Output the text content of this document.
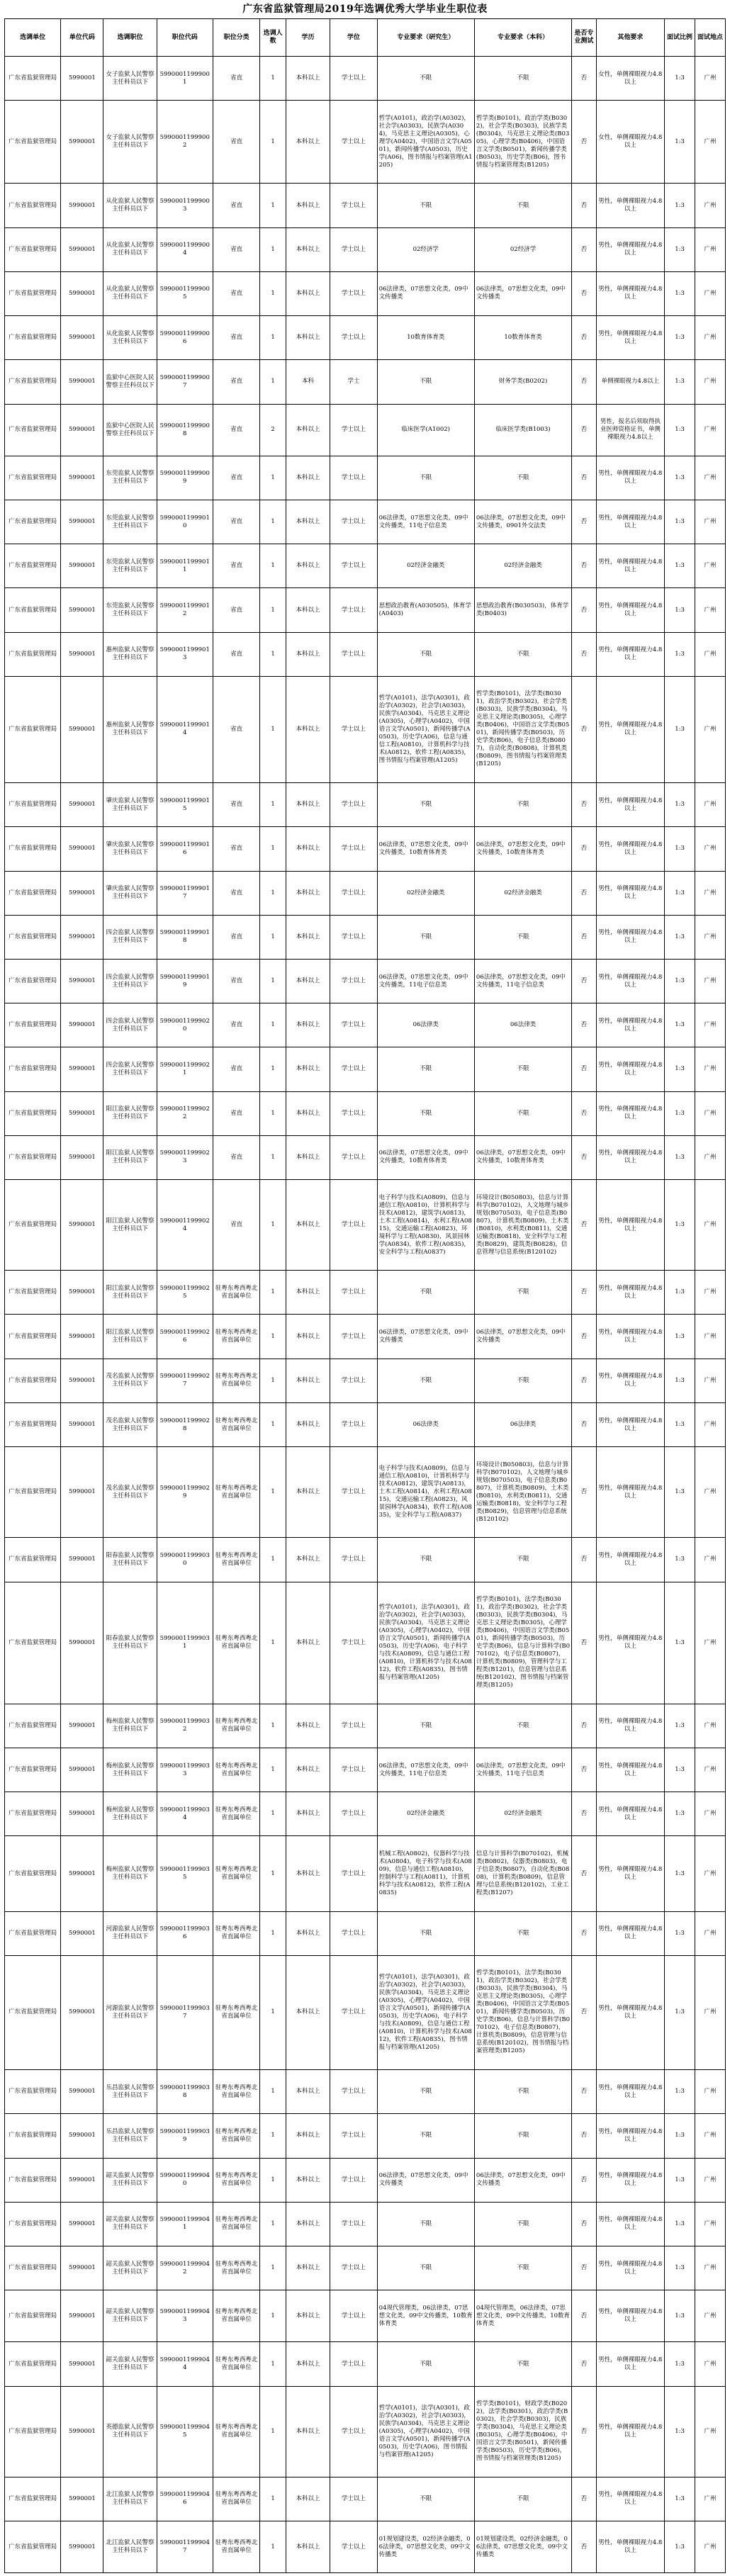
广东省监狱管理局2019年选调优秀大学毕业生职位表
选调单位	单位代码	选调职位	职位代码	职位分类	选调人数	学历	学位	专业要求（研究生）	专业要求（本科）	是否专业测试	其他要求	面试比例	面试地点
广东省监狱管理局	5990001	女子监狱人民警察主任科员以下	59900011999001	省直	1	本科以上	学士以上	不限	不限	否	女性，单侧裸眼视力4.8以上	1:3	广州
广东省监狱管理局	5990001	女子监狱人民警察主任科员以下	59900011999002	省直	1	本科以上	学士以上	哲学(A0101)，政治学(A0302)，社会学(A0303)，民族学(A0304)，马克思主义理论(A0305)，心理学(A0402)，中国语言文学(A0501)，新闻传播学(A0503)，历史学(A06)，图书情报与档案管理(A1205)	哲学类(B0101)，政治学类(B0302)，社会学类(B0303)，民族学类(B0304)，马克思主义理论类(B0305)，心理学类(B0406)，中国语言文学类(B0501)，新闻传播学类(B0503)，历史学类(B06)，图书情报与档案管理类(B1205)	否	女性，单侧裸眼视力4.8以上	1:3	广州
广东省监狱管理局	5990001	从化监狱人民警察主任科员以下	59900011999003	省直	1	本科以上	学士以上	不限	不限	否	男性，单侧裸眼视力4.8以上	1:3	广州
广东省监狱管理局	5990001	从化监狱人民警察主任科员以下	59900011999004	省直	1	本科以上	学士以上	02经济学	02经济学	否	男性，单侧裸眼视力4.8以上	1:3	广州
广东省监狱管理局	5990001	从化监狱人民警察主任科员以下	59900011999005	省直	1	本科以上	学士以上	06法律类，07思想文化类，09中文传播类	06法律类，07思想文化类，09中文传播类	否	男性，单侧裸眼视力4.8以上	1:3	广州
广东省监狱管理局	5990001	从化监狱人民警察主任科员以下	59900011999006	省直	1	本科以上	学士以上	10数育体育类	10数育体育类	否	男性，单侧裸眼视力4.8以上	1:3	广州
广东省监狱管理局	5990001	监狱中心医院人民警察主任科员以下	59900011999007	省直	1	本科	学士	不限	财务学类(B0202)	否	单侧裸眼视力4.8以上	1:3	广州
广东省监狱管理局	5990001	监狱中心医院人民警察主任科员以下	59900011999008	省直	2	本科以上	学士以上	临床医学(A1002)	临床医学类(B1003)	否	男性，报名后须取得执业医师资格证书，单侧裸眼视力4.8以上	1:3	广州
广东省监狱管理局	5990001	东莞监狱人民警察主任科员以下	59900011999009	省直	1	本科以上	学士以上	不限	不限	否	男性，单侧裸眼视力4.8以上	1:3	广州
广东省监狱管理局	5990001	东莞监狱人民警察主任科员以下	59900011999010	省直	1	本科以上	学士以上	06法律类，07思想文化类，09中文传播类，11电子信息类	06法律类，07思想文化类，09中文传播类，0901外交法类	否	男性，单侧裸眼视力4.8以上	1:3	广州
广东省监狱管理局	5990001	东莞监狱人民警察主任科员以下	59900011999011	省直	1	本科以上	学士以上	02经济金融类	02经济金融类	否	男性，单侧裸眼视力4.8以上	1:3	广州
广东省监狱管理局	5990001	东莞监狱人民警察主任科员以下	59900011999012	省直	1	本科以上	学士以上	思想政治教育(A030505)，体育学(A0403)	思想政治教育(B030503)，体育学类(B0403)	否	男性，单侧裸眼视力4.8以上	1:3	广州
广东省监狱管理局	5990001	惠州监狱人民警察主任科员以下	59900011999013	省直	1	本科以上	学士以上	不限	不限	否	男性，单侧裸眼视力4.8以上	1:3	广州
广东省监狱管理局	5990001	惠州监狱人民警察主任科员以下	59900011999014	省直	1	本科以上	学士以上	哲学(A0101)，法学(A0301)，政治学(A0302)，社会学(A0303)，民族学(A0304)，马克思主义理论(A0305)，心理学(A0402)，中国语言文学(A0501)，新闻传播学(A0503)，历史学(A06)，信息与通信工程(A0810)，计算机科学与技术(A0812)，软件工程(A0835)，图书情报与档案管理(A1205)	哲学类(B0101)，法学类(B0301)，政治学类(B0302)，社会学类(B0303)，民族学类(B0304)，马克思主义理论类(B0305)，心理学类(B0406)，中国语言文学类(B0501)，新闻传播学类(B0503)，历史学类(B06)，电子信息类(B0807)，自动化类(B0808)，计算机类(B0809)，图书情报与档案管理类(B1205)	否	男性，单侧裸眼视力4.8以上	1:3	广州
广东省监狱管理局	5990001	肇庆监狱人民警察主任科员以下	59900011999015	省直	1	本科以上	学士以上	不限	不限	否	男性，单侧裸眼视力4.8以上	1:3	广州
广东省监狱管理局	5990001	肇庆监狱人民警察主任科员以下	59900011999016	省直	1	本科以上	学士以上	06法律类，07思想文化类，09中文传播类，10数育体育类	06法律类，07思想文化类，09中文传播类，10数育体育类	否	男性，单侧裸眼视力4.8以上	1:3	广州
广东省监狱管理局	5990001	肇庆监狱人民警察主任科员以下	59900011999017	省直	1	本科以上	学士以上	02经济金融类	02经济金融类	否	男性，单侧裸眼视力4.8以上	1:3	广州
广东省监狱管理局	5990001	四会监狱人民警察主任科员以下	59900011999018	省直	1	本科以上	学士以上	不限	不限	否	男性，单侧裸眼视力4.8以上	1:3	广州
广东省监狱管理局	5990001	四会监狱人民警察主任科员以下	59900011999019	省直	1	本科以上	学士以上	06法律类，07思想文化类，09中文传播类，11电子信息类	06法律类，07思想文化类，09中文传播类，11电子信息类	否	男性，单侧裸眼视力4.8以上	1:3	广州
广东省监狱管理局	5990001	四会监狱人民警察主任科员以下	59900011999020	省直	1	本科以上	学士以上	06法律类	06法律类	否	男性，单侧裸眼视力4.8以上	1:3	广州
广东省监狱管理局	5990001	四会监狱人民警察主任科员以下	59900011999021	省直	1	本科以上	学士以上	不限	不限	否	男性，单侧裸眼视力4.8以上	1:3	广州
广东省监狱管理局	5990001	阳江监狱人民警察主任科员以下	59900011999022	省直	1	本科以上	学士以上	不限	不限	否	男性，单侧裸眼视力4.8以上	1:3	广州
广东省监狱管理局	5990001	阳江监狱人民警察主任科员以下	59900011999023	省直	1	本科以上	学士以上	06法律类，07思想文化类，09中文传播类，10数育体育类	06法律类，07思想文化类，09中文传播类，10数育体育类	否	男性，单侧裸眼视力4.8以上	1:3	广州
广东省监狱管理局	5990001	阳江监狱人民警察主任科员以下	59900011999024	省直	1	本科以上	学士以上	电子科学与技术(A0809)，信息与通信工程(A0810)，计算机科学与技术(A0812)，建筑学(A0813)，土木工程(A0814)，水利工程(A0815)，交通运输工程(A0823)，环境科学与工程(A0830)，风景园林学(A0834)，软件工程(A0835)，安全科学与工程(A0837)	环境设计(B050803)，信息与计算科学(B070102)，人文地理与城乡规划(B070503)，电子信息类(B0807)，计算机类(B0809)，土木类(B0810)，水利类(B0811)，交通运输类(B0818)，安全科学与工程类(B0829)，建筑类(B0828)，信息管理与信息系统(B120102)	否	男性，单侧裸眼视力4.8以上	1:3	广州
广东省监狱管理局	5990001	阳江监狱人民警察主任科员以下	59900011999025	驻粤东粤西粤北省直属单位	1	本科以上	学士以上	不限	不限	否	男性，单侧裸眼视力4.8以上	1:3	广州
广东省监狱管理局	5990001	阳江监狱人民警察主任科员以下	59900011999026	驻粤东粤西粤北省直属单位	1	本科以上	学士以上	06法律类，07思想文化类，09中文传播类	06法律类，07思想文化类，09中文传播类	否	男性，单侧裸眼视力4.8以上	1:3	广州
广东省监狱管理局	5990001	茂名监狱人民警察主任科员以下	59900011999027	驻粤东粤西粤北省直属单位	1	本科以上	学士以上	不限	不限	否	男性，单侧裸眼视力4.8以上	1:3	广州
广东省监狱管理局	5990001	茂名监狱人民警察主任科员以下	59900011999028	驻粤东粤西粤北省直属单位	1	本科以上	学士以上	06法律类	06法律类	否	男性，单侧裸眼视力4.8以上	1:3	广州
广东省监狱管理局	5990001	茂名监狱人民警察主任科员以下	59900011999029	驻粤东粤西粤北省直属单位	1	本科以上	学士以上	电子科学与技术(A0809)，信息与通信工程(A0810)，计算机科学与技术(A0812)，建筑学(A0813)，土木工程(A0814)，水利工程(A0815)，交通运输工程(A0823)，风景园林学(A0834)，软件工程(A0835)，安全科学与工程(A0837)	环境设计(B050803)，信息与计算科学(B070102)，人文地理与城乡规划(B070503)，电子信息类(B0807)，计算机类(B0809)，土木类(B0810)，水利类(B0811)，交通运输类(B0818)，安全科学与工程类(B0829)，信息管理与信息系统(B120102)	否	男性，单侧裸眼视力4.8以上	1:3	广州
广东省监狱管理局	5990001	阳春监狱人民警察主任科员以下	59900011999030	驻粤东粤西粤北省直属单位	1	本科以上	学士以上	不限	不限	否	男性，单侧裸眼视力4.8以上	1:3	广州
广东省监狱管理局	5990001	阳春监狱人民警察主任科员以下	59900011999031	驻粤东粤西粤北省直属单位	1	本科以上	学士以上	哲学(A0101)，法学(A0301)，政治学(A0302)，社会学(A0303)，民族学(A0304)，马克思主义理论(A0305)，心理学(A0402)，中国语言文学(A0501)，新闻传播学(A0503)，历史学(A06)，电子科学与技术(A0809)，信息与通信工程(A0810)，计算机科学与技术(A0812)，软件工程(A0835)，图书情报与档案管理(A1205)	哲学类(B0101)，法学类(B0301)，政治学类(B0302)，社会学类(B0303)，民族学类(B0304)，马克思主义理论类(B0305)，心理学类(B0406)，中国语言文学类(B0501)，新闻传播学类(B0503)，历史学类(B06)，信息与计算科学(B070102)，电子信息类(B0807)，计算机类(B0809)，管理科学与工程类(B1201)，信息管理与信息系统(B120102)，图书情报与档案管理类(B1205)	否	男性，单侧裸眼视力4.8以上	1:3	广州
广东省监狱管理局	5990001	梅州监狱人民警察主任科员以下	59900011999032	驻粤东粤西粤北省直属单位	1	本科以上	学士以上	不限	不限	否	男性，单侧裸眼视力4.8以上	1:3	广州
广东省监狱管理局	5990001	梅州监狱人民警察主任科员以下	59900011999033	驻粤东粤西粤北省直属单位	1	本科以上	学士以上	06法律类，07思想文化类，09中文传播类，11电子信息类	06法律类，07思想文化类，09中文传播类，11电子信息类	否	男性，单侧裸眼视力4.8以上	1:3	广州
广东省监狱管理局	5990001	梅州监狱人民警察主任科员以下	59900011999034	驻粤东粤西粤北省直属单位	1	本科以上	学士以上	02经济金融类	02经济金融类	否	男性，单侧裸眼视力4.8以上	1:3	广州
广东省监狱管理局	5990001	梅州监狱人民警察主任科员以下	59900011999035	驻粤东粤西粤北省直属单位	1	本科以上	学士以上	机械工程(A0802)，仪器科学与技术(A0804)，电子科学与技术(A0809)，信息与通信工程(A0810)，控制科学与工程(A0811)，计算机科学与技术(A0812)，软件工程(A0835)	信息与计算科学(B070102)，机械类(B0802)，仪器类(B0803)，电子信息类(B0807)，自动化类(B0808)，计算机类(B0809)，信息管理与信息系统(B120102)，工业工程类(B1207)	否	男性，单侧裸眼视力4.8以上	1:3	广州
广东省监狱管理局	5990001	河源监狱人民警察主任科员以下	59900011999036	驻粤东粤西粤北省直属单位	1	本科以上	学士以上	不限	不限	否	男性，单侧裸眼视力4.8以上	1:3	广州
广东省监狱管理局	5990001	河源监狱人民警察主任科员以下	59900011999037	驻粤东粤西粤北省直属单位	1	本科以上	学士以上	哲学(A0101)，法学(A0301)，政治学(A0302)，社会学(A0303)，民族学(A0304)，马克思主义理论(A0305)，心理学(A0402)，中国语言文学(A0501)，新闻传播学(A0503)，历史学(A06)，电子科学与技术(A0809)，信息与通信工程(A0810)，计算机科学与技术(A0812)，软件工程(A0835)，图书情报与档案管理(A1205)	哲学类(B0101)，法学类(B0301)，政治学类(B0302)，社会学类(B0303)，民族学类(B0304)，马克思主义理论类(B0305)，心理学类(B0406)，中国语言文学类(B0501)，新闻传播学类(B0503)，历史学类(B06)，信息与计算科学(B070102)，电子信息类(B0807)，计算机类(B0809)，信息管理与信息系统(B120102)，图书情报与档案管理类(B1205)	否	男性，单侧裸眼视力4.8以上	1:3	广州
广东省监狱管理局	5990001	乐昌监狱人民警察主任科员以下	59900011999038	驻粤东粤西粤北省直属单位	1	本科以上	学士以上	不限	不限	否	男性，单侧裸眼视力4.8以上	1:3	广州
广东省监狱管理局	5990001	乐昌监狱人民警察主任科员以下	59900011999039	驻粤东粤西粤北省直属单位	1	本科以上	学士以上	不限	不限	否	男性，单侧裸眼视力4.8以上	1:3	广州
广东省监狱管理局	5990001	韶关监狱人民警察主任科员以下	59900011999040	驻粤东粤西粤北省直属单位	1	本科以上	学士以上	06法律类，07思想文化类，09中文传播类	06法律类，07思想文化类，09中文传播类	否	男性，单侧裸眼视力4.8以上	1:3	广州
广东省监狱管理局	5990001	韶关监狱人民警察主任科员以下	59900011999041	驻粤东粤西粤北省直属单位	1	本科以上	学士以上	不限	不限	否	男性，单侧裸眼视力4.8以上	1:3	广州
广东省监狱管理局	5990001	韶关监狱人民警察主任科员以下	59900011999042	驻粤东粤西粤北省直属单位	1	本科以上	学士以上	不限	不限	否	男性，单侧裸眼视力4.8以上	1:3	广州
广东省监狱管理局	5990001	韶关监狱人民警察主任科员以下	59900011999043	驻粤东粤西粤北省直属单位	1	本科以上	学士以上	04现代管理类，06法律类，07思想文化类，09中文传播类，10数育体育类	04现代管理类，06法律类，07思想文化类，09中文传播类，10数育体育类	否	男性，单侧裸眼视力4.8以上	1:3	广州
广东省监狱管理局	5990001	韶关监狱人民警察主任科员以下	59900011999044	驻粤东粤西粤北省直属单位	1	本科以上	学士以上	不限	不限	否	男性，单侧裸眼视力4.8以上	1:3	广州
广东省监狱管理局	5990001	英德监狱人民警察主任科员以下	59900011999045	驻粤东粤西粤北省直属单位	1	本科以上	学士以上	哲学(A0101)，法学(A0301)，政治学(A0302)，社会学(A0303)，民族学(A0304)，马克思主义理论(A0305)，心理学(A0402)，中国语言文学(A0501)，新闻传播学(A0503)，历史学(A06)，图书情报与档案管理(A1205)	哲学类(B0101)，财政学类(B0202)，法学类(B0301)，政治学类(B0302)，社会学类(B0303)，民族学类(B0304)，马克思主义理论类(B0305)，心理学类(B0406)，中国语言文学类(B0501)，新闻传播学类(B0503)，历史学类(B06)，图书情报与档案管理类(B1205)	否	男性，单侧裸眼视力4.8以上	1:3	广州
广东省监狱管理局	5990001	北江监狱人民警察主任科员以下	59900011999046	驻粤东粤西粤北省直属单位	1	本科以上	学士以上	不限	不限	否	男性，单侧裸眼视力4.8以上	1:3	广州
广东省监狱管理局	5990001	北江监狱人民警察主任科员以下	59900011999047	驻粤东粤西粤北省直属单位	1	本科以上	学士以上	01规划建设类，02经济金融类，06法律类，07思想文化类，09中文传播类	01规划建设类，02经济金融类，06法律类，07思想文化类，09中文传播类	否	男性，单侧裸眼视力4.8以上	1:3	广州
